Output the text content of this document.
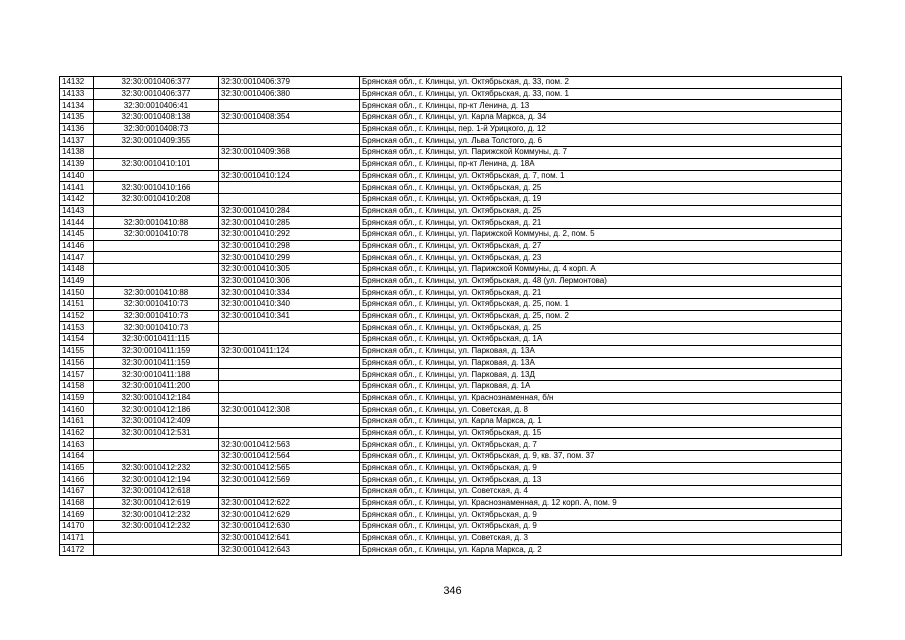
14132	32:30:0010406:377	32:30:0010406:379	Брянская обл., г. Клинцы, ул. Октябрьская, д. 33, пом. 2
14133	32:30:0010406:377	32:30:0010406:380	Брянская обл., г. Клинцы, ул. Октябрьская, д. 33, пом. 1
14134	32:30:0010406:41		Брянская обл., г. Клинцы, пр-кт Ленина, д. 13
14135	32:30:0010408:138	32:30:0010408:354	Брянская обл., г. Клинцы, ул. Карла Маркса, д. 34
14136	32:30:0010408:73		Брянская обл., г. Клинцы, пер. 1-й Урицкого, д. 12
14137	32:30:0010409:355		Брянская обл., г. Клинцы, ул. Льва Толстого, д. 6
14138		32:30:0010409:368	Брянская обл., г. Клинцы, ул. Парижской Коммуны, д. 7
14139	32:30:0010410:101		Брянская обл., г. Клинцы, пр-кт Ленина, д. 18А
14140		32:30:0010410:124	Брянская обл., г. Клинцы, ул. Октябрьская, д. 7, пом. 1
14141	32:30:0010410:166		Брянская обл., г. Клинцы, ул. Октябрьская, д. 25
14142	32:30:0010410:208		Брянская обл., г. Клинцы, ул. Октябрьская, д. 19
14143		32:30:0010410:284	Брянская обл., г. Клинцы, ул. Октябрьская, д. 25
14144	32:30:0010410:88	32:30:0010410:285	Брянская обл., г. Клинцы, ул. Октябрьская, д. 21
14145	32:30:0010410:78	32:30:0010410:292	Брянская обл., г. Клинцы, ул. Парижской Коммуны, д. 2, пом. 5
14146		32:30:0010410:298	Брянская обл., г. Клинцы, ул. Октябрьская, д. 27
14147		32:30:0010410:299	Брянская обл., г. Клинцы, ул. Октябрьская, д. 23
14148		32:30:0010410:305	Брянская обл., г. Клинцы, ул. Парижской Коммуны, д. 4 корп. А
14149		32:30:0010410:306	Брянская обл., г. Клинцы, ул. Октябрьская, д. 48 (ул. Лермонтова)
14150	32:30:0010410:88	32:30:0010410:334	Брянская обл., г. Клинцы, ул. Октябрьская, д. 21
14151	32:30:0010410:73	32:30:0010410:340	Брянская обл., г. Клинцы, ул. Октябрьская, д. 25, пом. 1
14152	32:30:0010410:73	32:30:0010410:341	Брянская обл., г. Клинцы, ул. Октябрьская, д. 25, пом. 2
14153	32:30:0010410:73		Брянская обл., г. Клинцы, ул. Октябрьская, д. 25
14154	32:30:0010411:115		Брянская обл., г. Клинцы, ул. Октябрьская, д. 1А
14155	32:30:0010411:159	32:30:0010411:124	Брянская обл., г. Клинцы, ул. Парковая, д. 13А
14156	32:30:0010411:159		Брянская обл., г. Клинцы, ул. Парковая, д. 13А
14157	32:30:0010411:188		Брянская обл., г. Клинцы, ул. Парковая, д. 13Д
14158	32:30:0010411:200		Брянская обл., г. Клинцы, ул. Парковая, д. 1А
14159	32:30:0010412:184		Брянская обл., г. Клинцы, ул. Краснознаменная, б/н
14160	32:30:0010412:186	32:30:0010412:308	Брянская обл., г. Клинцы, ул. Советская, д. 8
14161	32:30:0010412:409		Брянская обл., г. Клинцы, ул. Карла Маркса, д. 1
14162	32:30:0010412:531		Брянская обл., г. Клинцы, ул. Октябрьская, д. 15
14163		32:30:0010412:563	Брянская обл., г. Клинцы, ул. Октябрьская, д. 7
14164		32:30:0010412:564	Брянская обл., г. Клинцы, ул. Октябрьская, д. 9, кв. 37, пом. 37
14165	32:30:0010412:232	32:30:0010412:565	Брянская обл., г. Клинцы, ул. Октябрьская, д. 9
14166	32:30:0010412:194	32:30:0010412:569	Брянская обл., г. Клинцы, ул. Октябрьская, д. 13
14167	32:30:0010412:618		Брянская обл., г. Клинцы, ул. Советская, д. 4
14168	32:30:0010412:619	32:30:0010412:622	Брянская обл., г. Клинцы, ул. Краснознаменная, д. 12 корп. А, пом. 9
14169	32:30:0010412:232	32:30:0010412:629	Брянская обл., г. Клинцы, ул. Октябрьская, д. 9
14170	32:30:0010412:232	32:30:0010412:630	Брянская обл., г. Клинцы, ул. Октябрьская, д. 9
14171		32:30:0010412:641	Брянская обл., г. Клинцы, ул. Советская, д. 3
14172		32:30:0010412:643	Брянская обл., г. Клинцы, ул. Карла Маркса, д. 2
346
